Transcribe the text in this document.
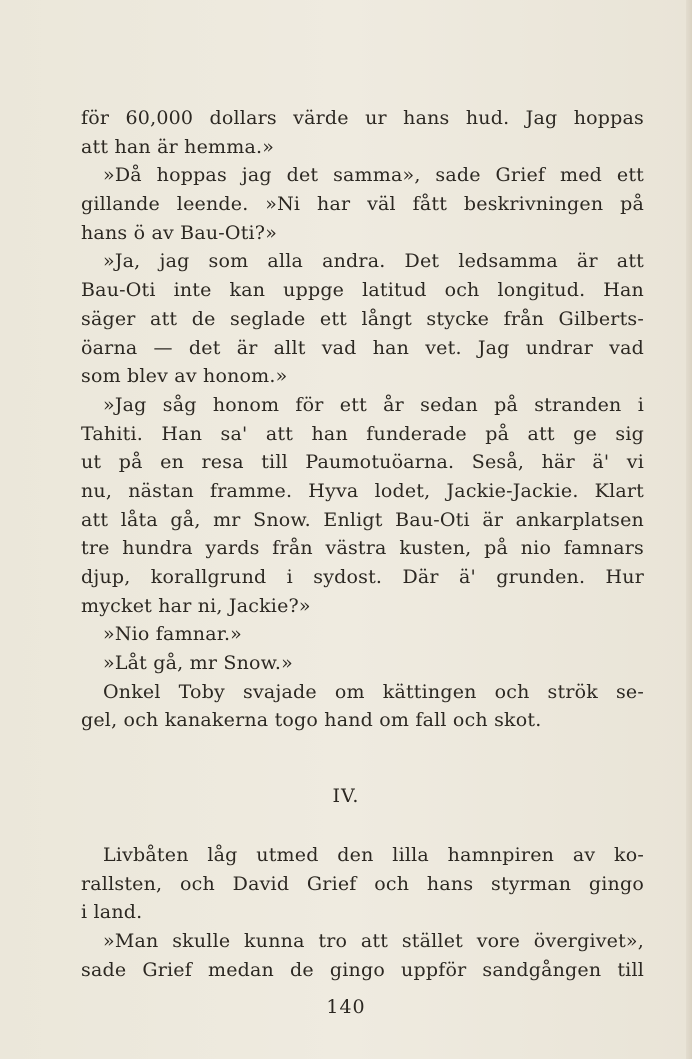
för 60,000 dollars värde ur hans hud. Jag hoppas
att han är hemma.»
»Då hoppas jag det samma», sade Grief med ett
gillande leende. »Ni har väl fått beskrivningen på
hans ö av Bau-Oti?»
»Ja, jag som alla andra. Det ledsamma är att
Bau-Oti inte kan uppge latitud och longitud. Han
säger att de seglade ett långt stycke från Gilberts-
öarna — det är allt vad han vet. Jag undrar vad
som blev av honom.»
»Jag såg honom för ett år sedan på stranden i
Tahiti. Han sa' att han funderade på att ge sig
ut på en resa till Paumotuöarna. Seså, här ä' vi
nu, nästan framme. Hyva lodet, Jackie-Jackie. Klart
att låta gå, mr Snow. Enligt Bau-Oti är ankarplatsen
tre hundra yards från västra kusten, på nio famnars
djup, korallgrund i sydost. Där ä' grunden. Hur
mycket har ni, Jackie?»
»Nio famnar.»
»Låt gå, mr Snow.»
Onkel Toby svajade om kättingen och strök se-
gel, och kanakerna togo hand om fall och skot.
IV.
Livbåten låg utmed den lilla hamnpiren av ko-
rallsten, och David Grief och hans styrman gingo
i land.
»Man skulle kunna tro att stället vore övergivet»,
sade Grief medan de gingo uppför sandgången till
140
